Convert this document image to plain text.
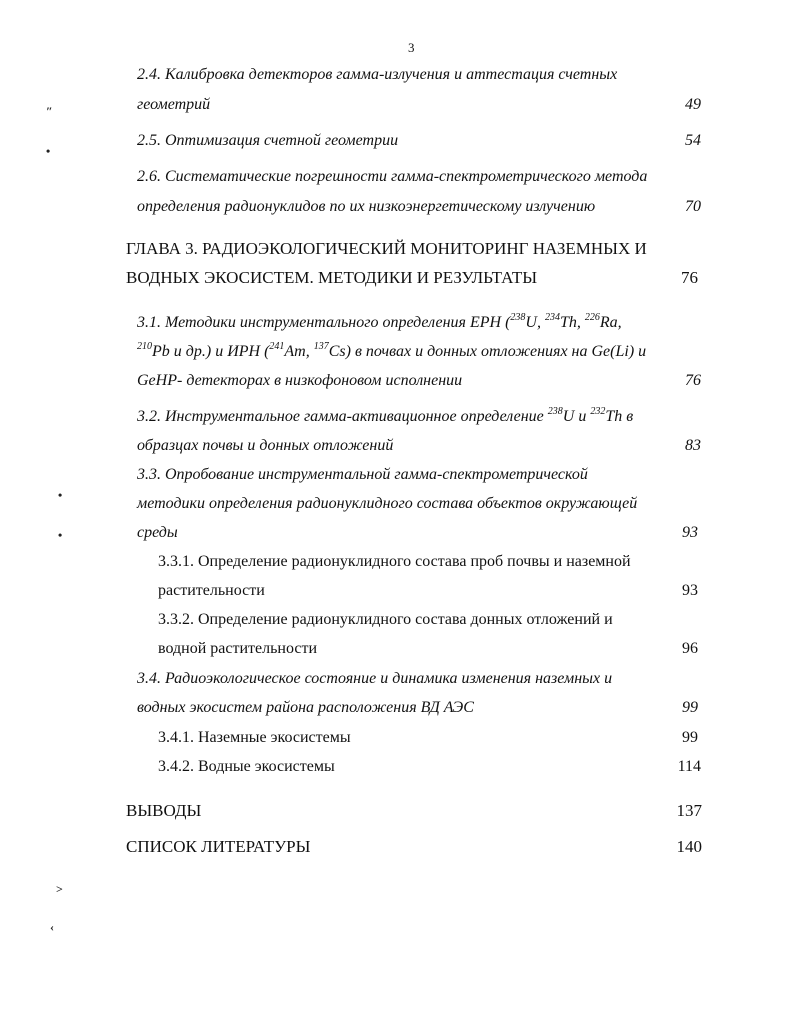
3
″
•
•
•
˃
‹
2.4. Калибровка детекторов гамма-излучения и аттестация счетных
геометрий	49
2.5. Оптимизация счетной геометрии	54
2.6. Систематические погрешности гамма-спектрометрического метода
определения радионуклидов по их низкоэнергетическому излучению	70
ГЛАВА 3. РАДИОЭКОЛОГИЧЕСКИЙ МОНИТОРИНГ НАЗЕМНЫХ И
ВОДНЫХ ЭКОСИСТЕМ. МЕТОДИКИ И РЕЗУЛЬТАТЫ	76
3.1. Методики инструментального определения ЕРН ($^{238}$U, $^{234}$Th, $^{226}$Ra,
$^{210}$Pb и др.) и ИРН ($^{241}$Am, $^{137}$Cs) в почвах и донных отложениях на Ge(Li) и
GeHP- детекторах в низкофоновом исполнении	76
3.2. Инструментальное гамма-активационное определение $^{238}$U и $^{232}$Th в
образцах почвы и донных отложений	83
3.3. Опробование инструментальной гамма-спектрометрической
методики определения радионуклидного состава объектов окружающей
среды	93
3.3.1. Определение радионуклидного состава проб почвы и наземной
растительности	93
3.3.2. Определение радионуклидного состава донных отложений и
водной растительности	96
3.4. Радиоэкологическое состояние и динамика изменения наземных и
водных экосистем района расположения ВД АЭС	99
3.4.1. Наземные экосистемы	99
3.4.2. Водные экосистемы	114
ВЫВОДЫ	137
СПИСОК ЛИТЕРАТУРЫ	140
